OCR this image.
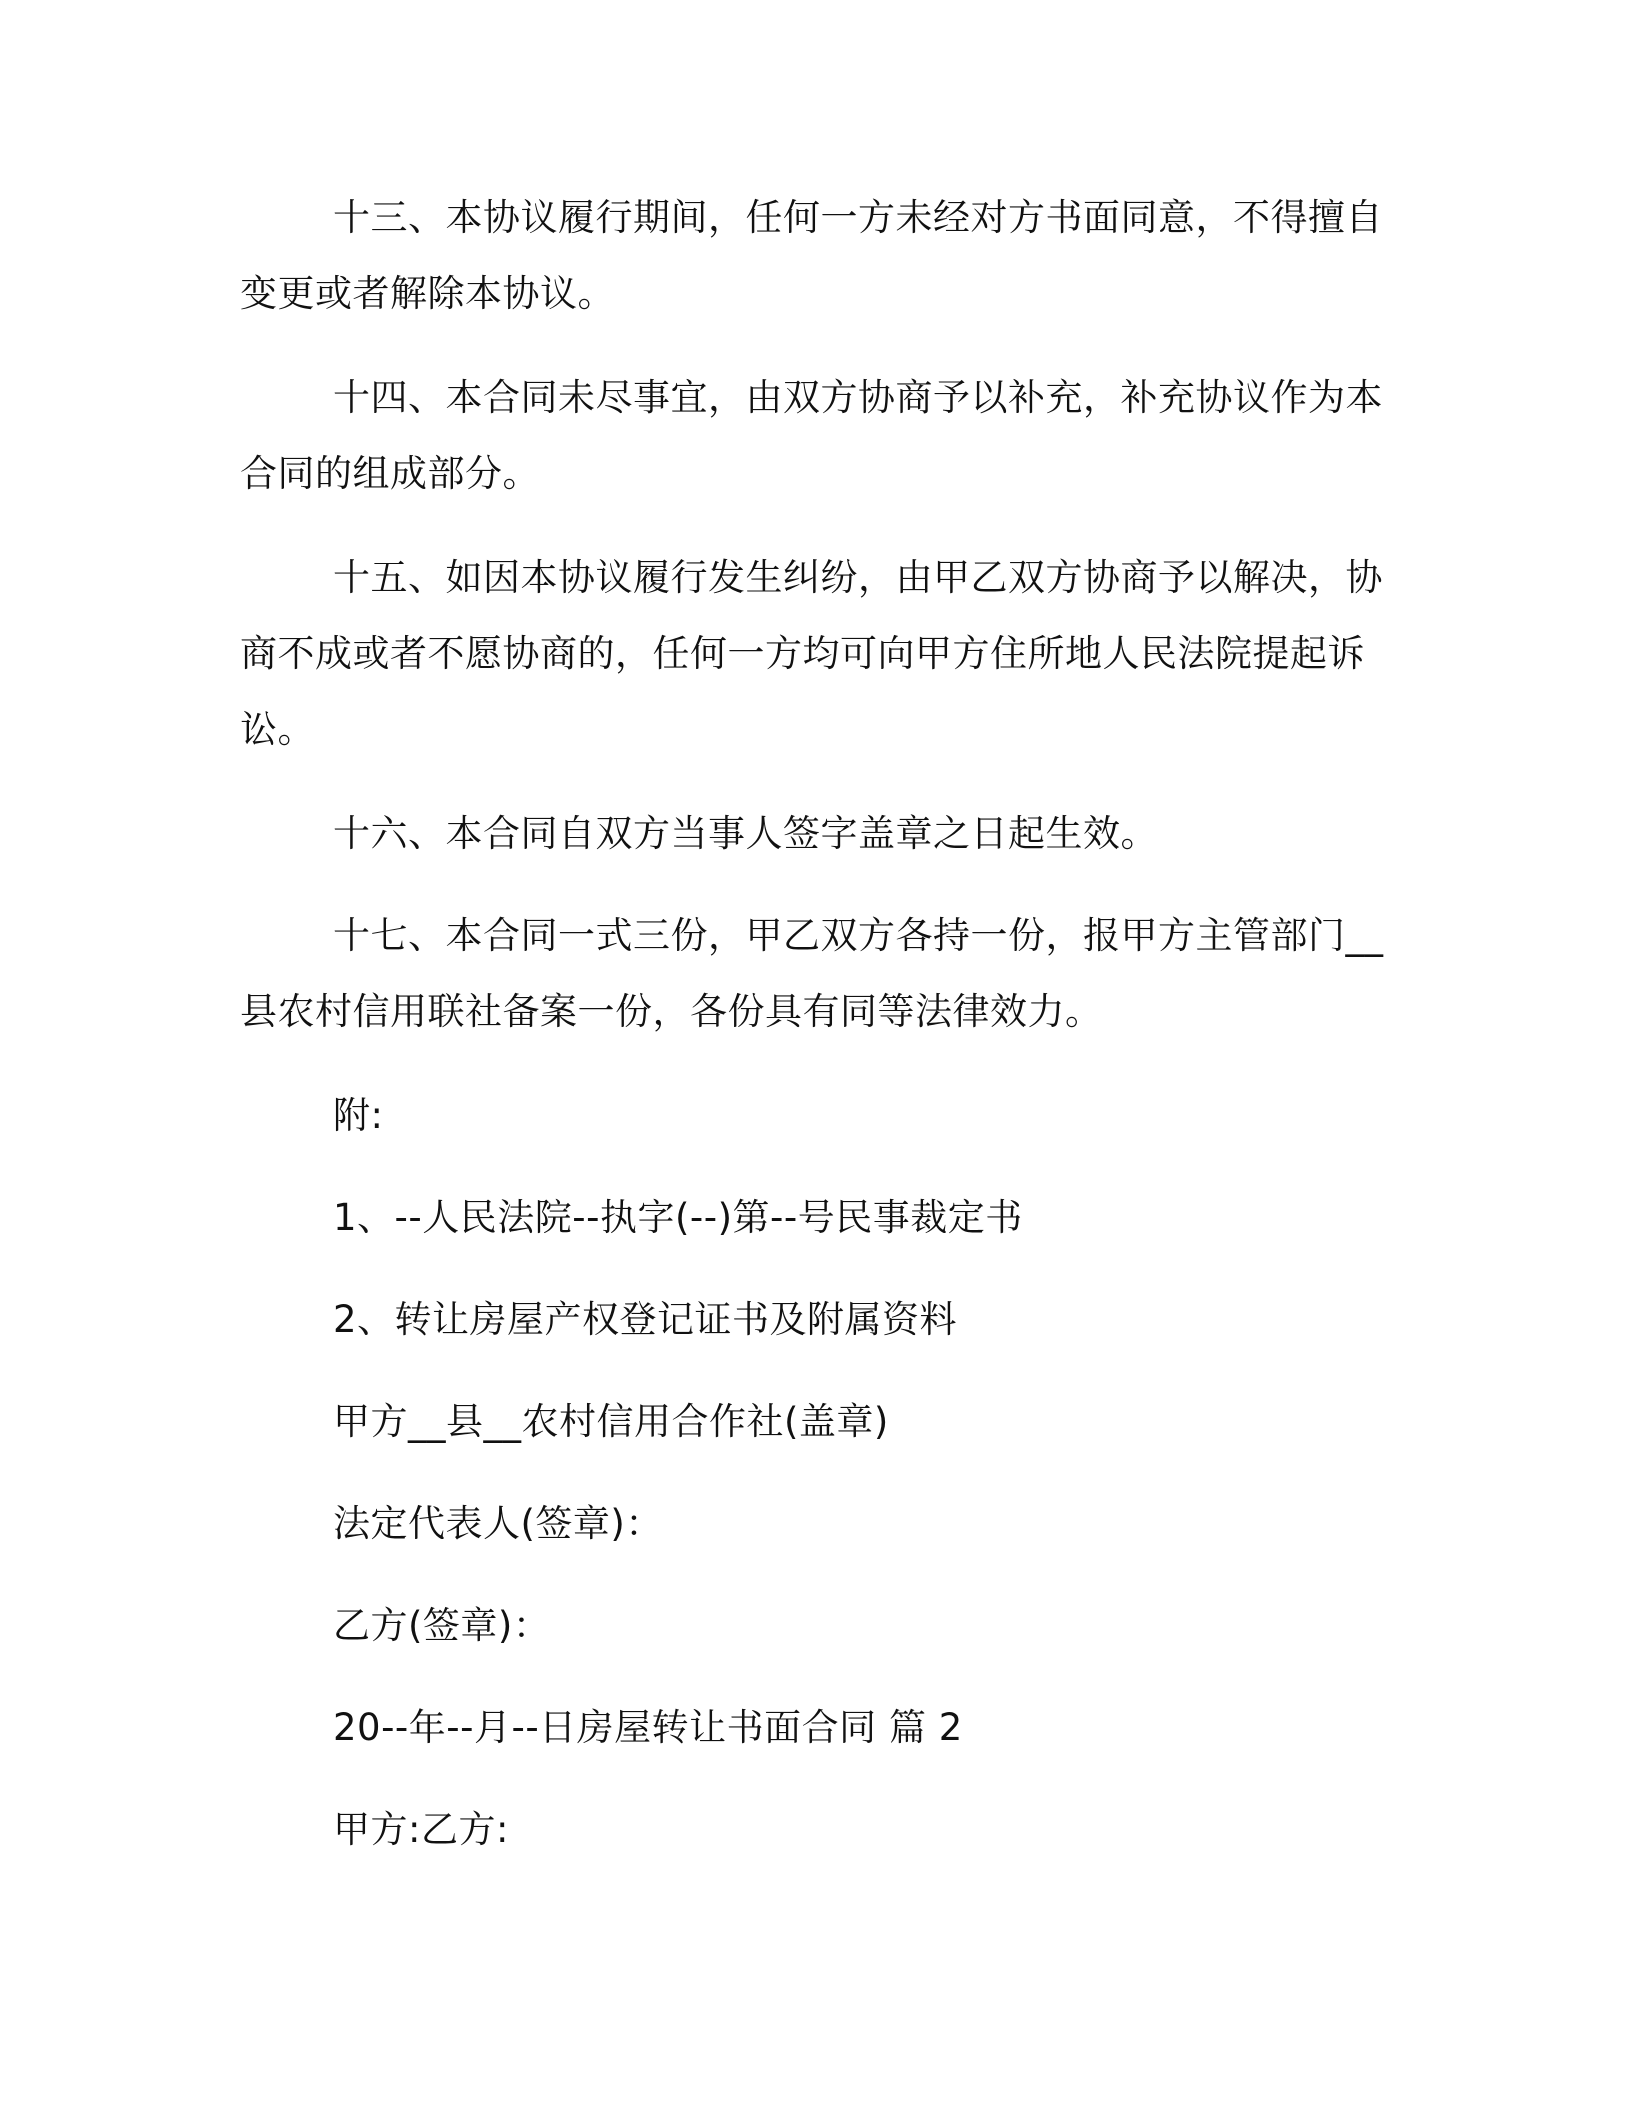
十三、本协议履行期间，任何一方未经对方书面同意，不得擅自
变更或者解除本协议。
十四、本合同未尽事宜，由双方协商予以补充，补充协议作为本
合同的组成部分。
十五、如因本协议履行发生纠纷，由甲乙双方协商予以解决，协
商不成或者不愿协商的，任何一方均可向甲方住所地人民法院提起诉
讼。
十六、本合同自双方当事人签字盖章之日起生效。
十七、本合同一式三份，甲乙双方各持一份，报甲方主管部门__
县农村信用联社备案一份，各份具有同等法律效力。
附:
1、--人民法院--执字(--)第--号民事裁定书
2、转让房屋产权登记证书及附属资料
甲方__县__农村信用合作社(盖章)
法定代表人(签章)：
乙方(签章)：
20--年--月--日房屋转让书面合同 篇 2
甲方:乙方:
